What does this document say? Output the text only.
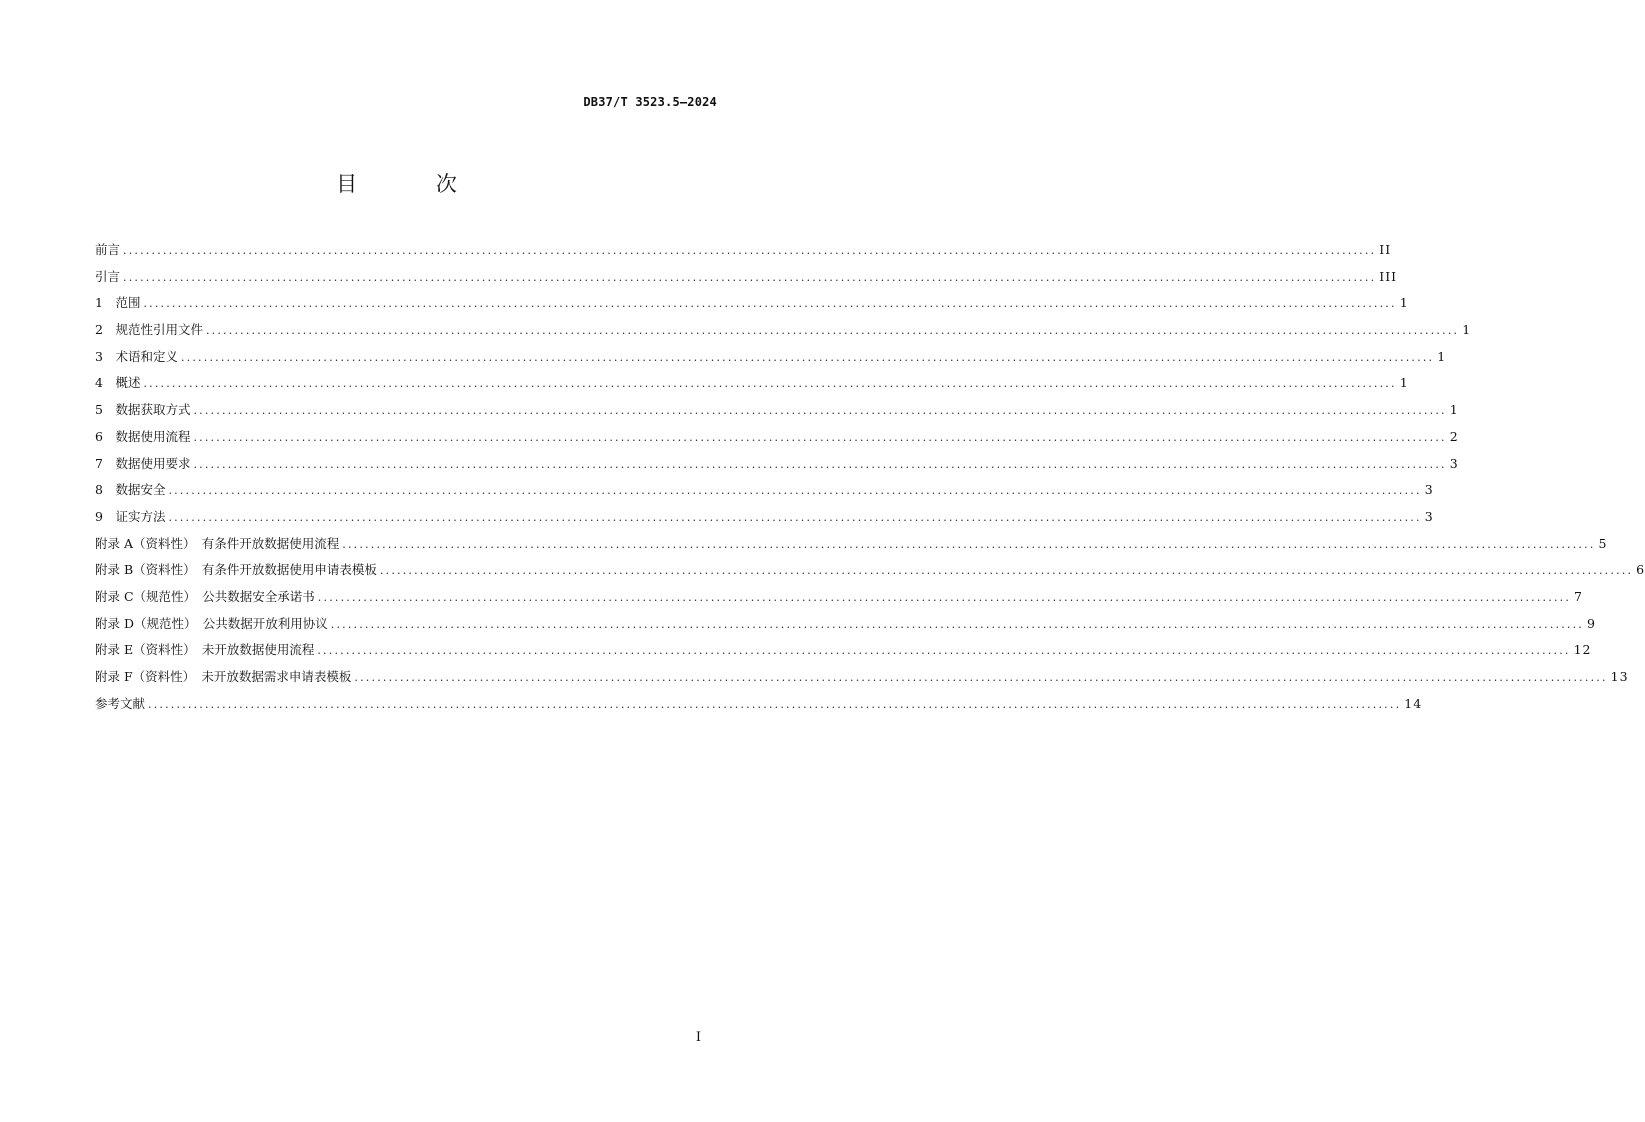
DB37/T 3523.5—2024
目 次
前言 ............................................................................................................................................................................................................................ II
引言 ............................................................................................................................................................................................................................ III
1　范围 ............................................................................................................................................................................................................................ 1
2　规范性引用文件 ............................................................................................................................................................................................................................ 1
3　术语和定义 ............................................................................................................................................................................................................................ 1
4　概述 ............................................................................................................................................................................................................................ 1
5　数据获取方式 ............................................................................................................................................................................................................................ 1
6　数据使用流程 ............................................................................................................................................................................................................................ 2
7　数据使用要求 ............................................................................................................................................................................................................................ 3
8　数据安全 ............................................................................................................................................................................................................................ 3
9　证实方法 ............................................................................................................................................................................................................................ 3
附录 A（资料性）　有条件开放数据使用流程 ............................................................................................................................................................................................................................ 5
附录 B（资料性）　有条件开放数据使用申请表模板 ............................................................................................................................................................................................................................ 6
附录 C（规范性）　公共数据安全承诺书 ............................................................................................................................................................................................................................ 7
附录 D（规范性）　公共数据开放利用协议 ............................................................................................................................................................................................................................ 9
附录 E（资料性）　未开放数据使用流程 ............................................................................................................................................................................................................................ 12
附录 F（资料性）　未开放数据需求申请表模板 ............................................................................................................................................................................................................................ 13
参考文献 ............................................................................................................................................................................................................................ 14
I
